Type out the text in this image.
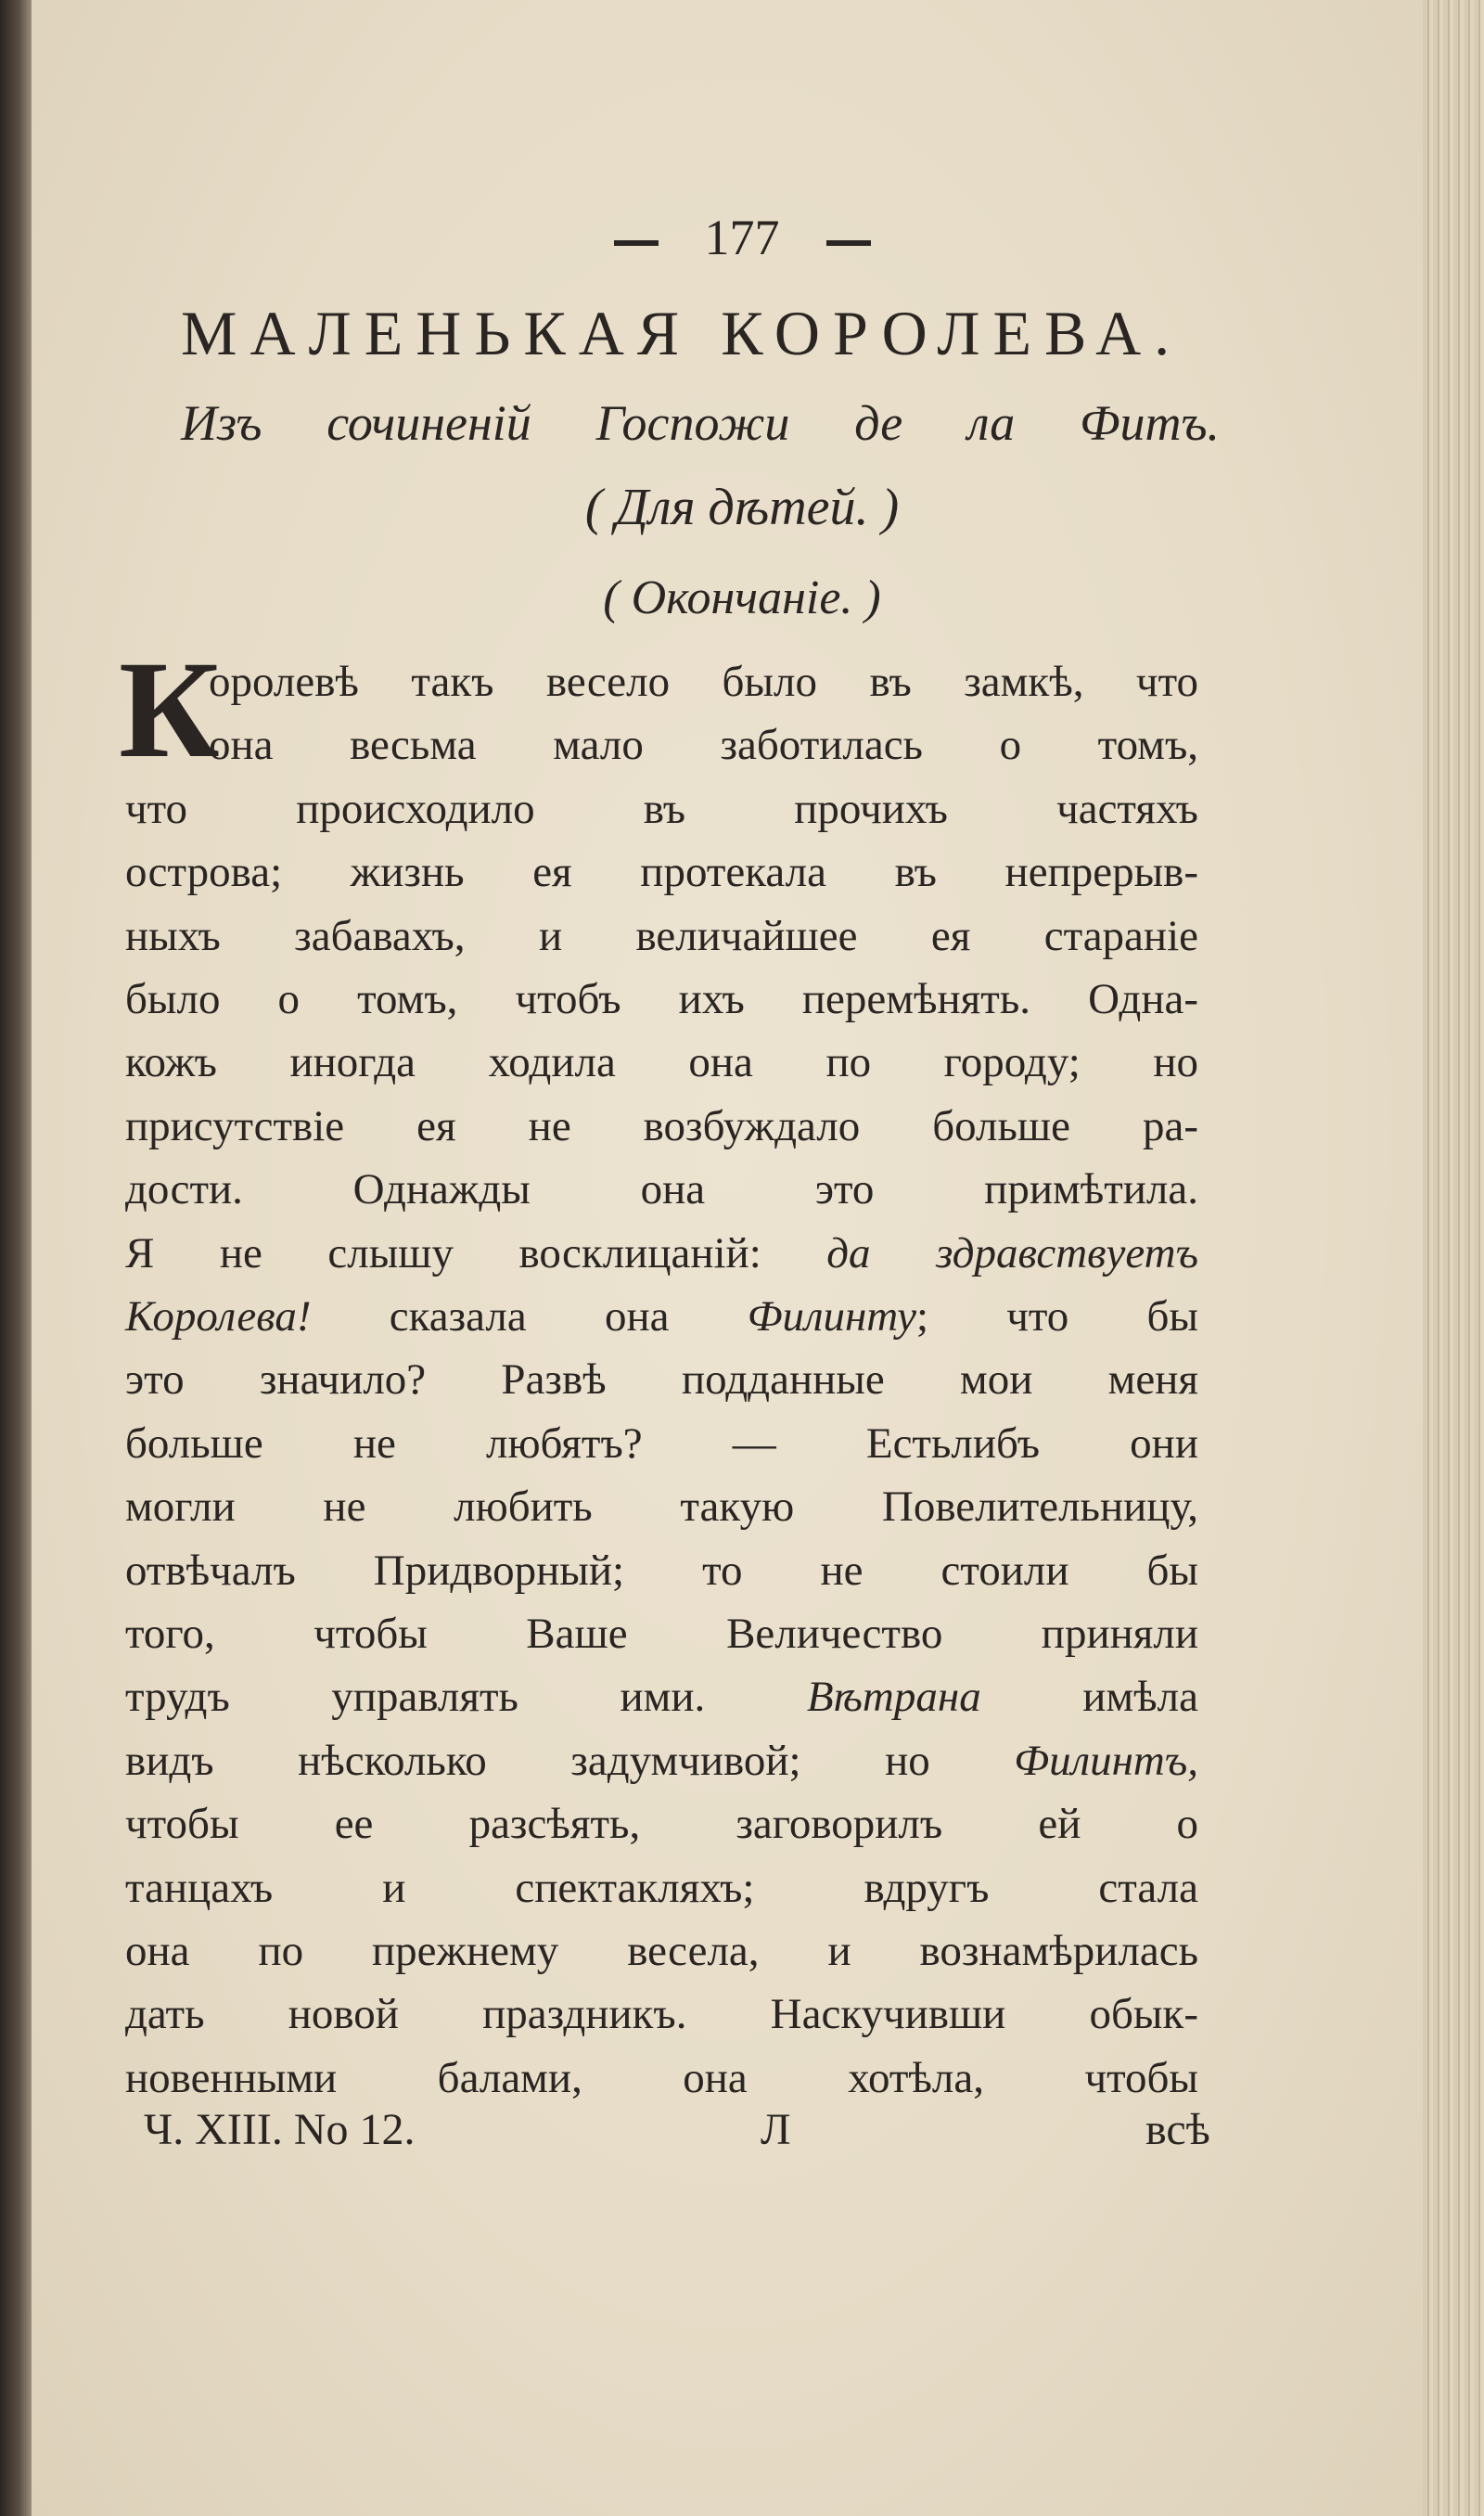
177
МАЛЕНЬКАЯ КОРОЛЕВА.
Изъ сочиненій Госпожи де ла Фитъ.
( Для дѣтей. )
( Окончаніе. )
К
оролевѣ такъ весело было въ замкѣ, что
она весьма мало заботилась о томъ,
что происходило въ прочихъ частяхъ
острова; жизнь ея протекала въ непрерыв-
ныхъ забавахъ, и величайшее ея стараніе
было о томъ, чтобъ ихъ перемѣнять. Одна-
кожъ иногда ходила она по городу; но
присутствіе ея не возбуждало больше ра-
дости. Однажды она это примѣтила.
Я не слышу восклицаній: да здравствуетъ
Королева! сказала она Филинту; что бы
это значило? Развѣ подданные мои меня
больше не любятъ? — Естьлибъ они
могли не любить такую Повелительницу,
отвѣчалъ Придворный; то не стоили бы
того, чтобы Ваше Величество приняли
трудъ управлять ими. Вѣтрана имѣла
видъ нѣсколько задумчивой; но Филинтъ,
чтобы ее разсѣять, заговорилъ ей о
танцахъ и спектакляхъ; вдругъ стала
она по прежнему весела, и вознамѣрилась
дать новой праздникъ. Наскучивши обык-
новенными балами, она хотѣла, чтобы
Ч. XIII. No 12.	Л	всѣ
